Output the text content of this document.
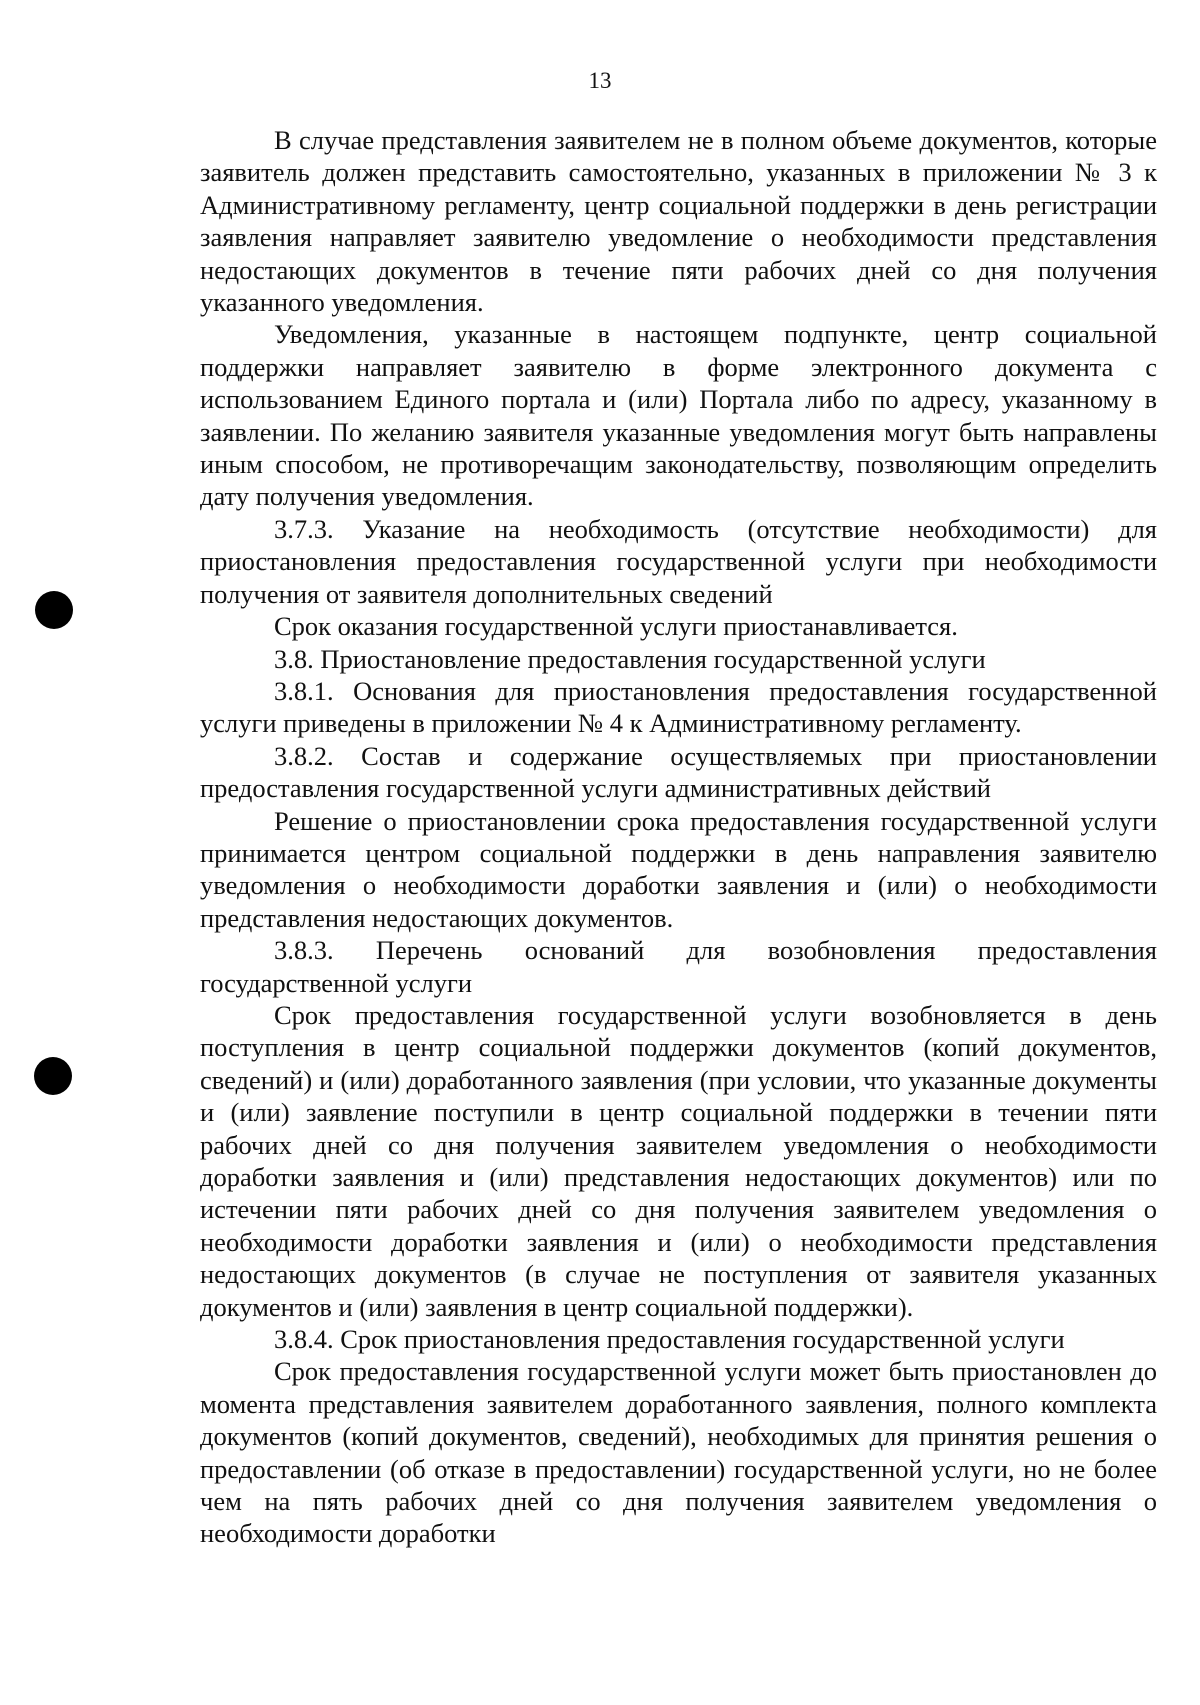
13

В случае представления заявителем не в полном объеме документов, которые заявитель должен представить самостоятельно, указанных в приложении № 3 к Административному регламенту, центр социальной поддержки в день регистрации заявления направляет заявителю уведомление о необходимости представления недостающих документов в течение пяти рабочих дней со дня получения указанного уведомления.

Уведомления, указанные в настоящем подпункте, центр социальной поддержки направляет заявителю в форме электронного документа с использованием Единого портала и (или) Портала либо по адресу, указанному в заявлении. По желанию заявителя указанные уведомления могут быть направлены иным способом, не противоречащим законодательству, позволяющим определить дату получения уведомления.

3.7.3. Указание на необходимость (отсутствие необходимости) для приостановления предоставления государственной услуги при необходимости получения от заявителя дополнительных сведений

Срок оказания государственной услуги приостанавливается.

3.8. Приостановление предоставления государственной услуги

3.8.1. Основания для приостановления предоставления государственной услуги приведены в приложении № 4 к Административному регламенту.

3.8.2. Состав и содержание осуществляемых при приостановлении предоставления государственной услуги административных действий

Решение о приостановлении срока предоставления государственной услуги принимается центром социальной поддержки в день направления заявителю уведомления о необходимости доработки заявления и (или) о необходимости представления недостающих документов.

3.8.3. Перечень оснований для возобновления предоставления государственной услуги

Срок предоставления государственной услуги возобновляется в день поступления в центр социальной поддержки документов (копий документов, сведений) и (или) доработанного заявления (при условии, что указанные документы и (или) заявление поступили в центр социальной поддержки в течении пяти рабочих дней со дня получения заявителем уведомления о необходимости доработки заявления и (или) представления недостающих документов) или по истечении пяти рабочих дней со дня получения заявителем уведомления о необходимости доработки заявления и (или) о необходимости представления недостающих документов (в случае не поступления от заявителя указанных документов и (или) заявления в центр социальной поддержки).

3.8.4. Срок приостановления предоставления государственной услуги

Срок предоставления государственной услуги может быть приостановлен до момента представления заявителем доработанного заявления, полного комплекта документов (копий документов, сведений), необходимых для принятия решения о предоставлении (об отказе в предоставлении) государственной услуги, но не более чем на пять рабочих дней со дня получения заявителем уведомления о необходимости доработки
